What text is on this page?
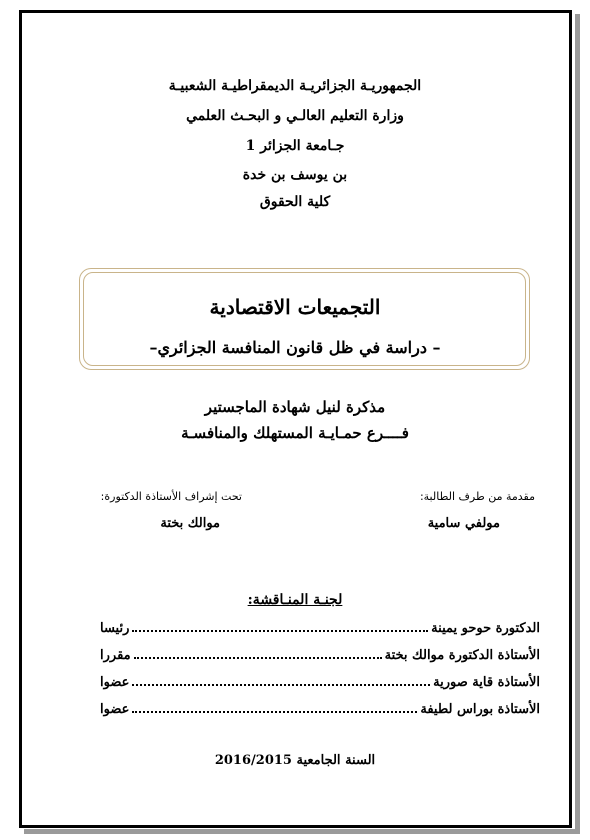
الجمهوريـة الجزائريـة الديمقراطيـة الشعبيـة
وزارة التعليم العالـي و البحـث العلمي
جـامعة الجزائر 1
بن يوسف بن خدة
كلية الحقوق
التجميعات الاقتصادية
– دراسة في ظل قانون المنافسة الجزائري–
مذكرة لنيل شهادة الماجستير
فــــرع حمـايـة المستهلك والمنافسـة
مقدمة من طرف الطالبة:
مولفي سامية
تحت إشراف الأستاذة الدكتورة:
موالك بختة
لجنـة المنـاقشة:
الدكتورة حوحو يمينة
رئيسا
الأستاذة الدكتورة موالك بختة
مقررا
الأستاذة قاية صورية
عضوا
الأستاذة بوراس لطيفة
عضوا
السنة الجامعية 2016/2015
